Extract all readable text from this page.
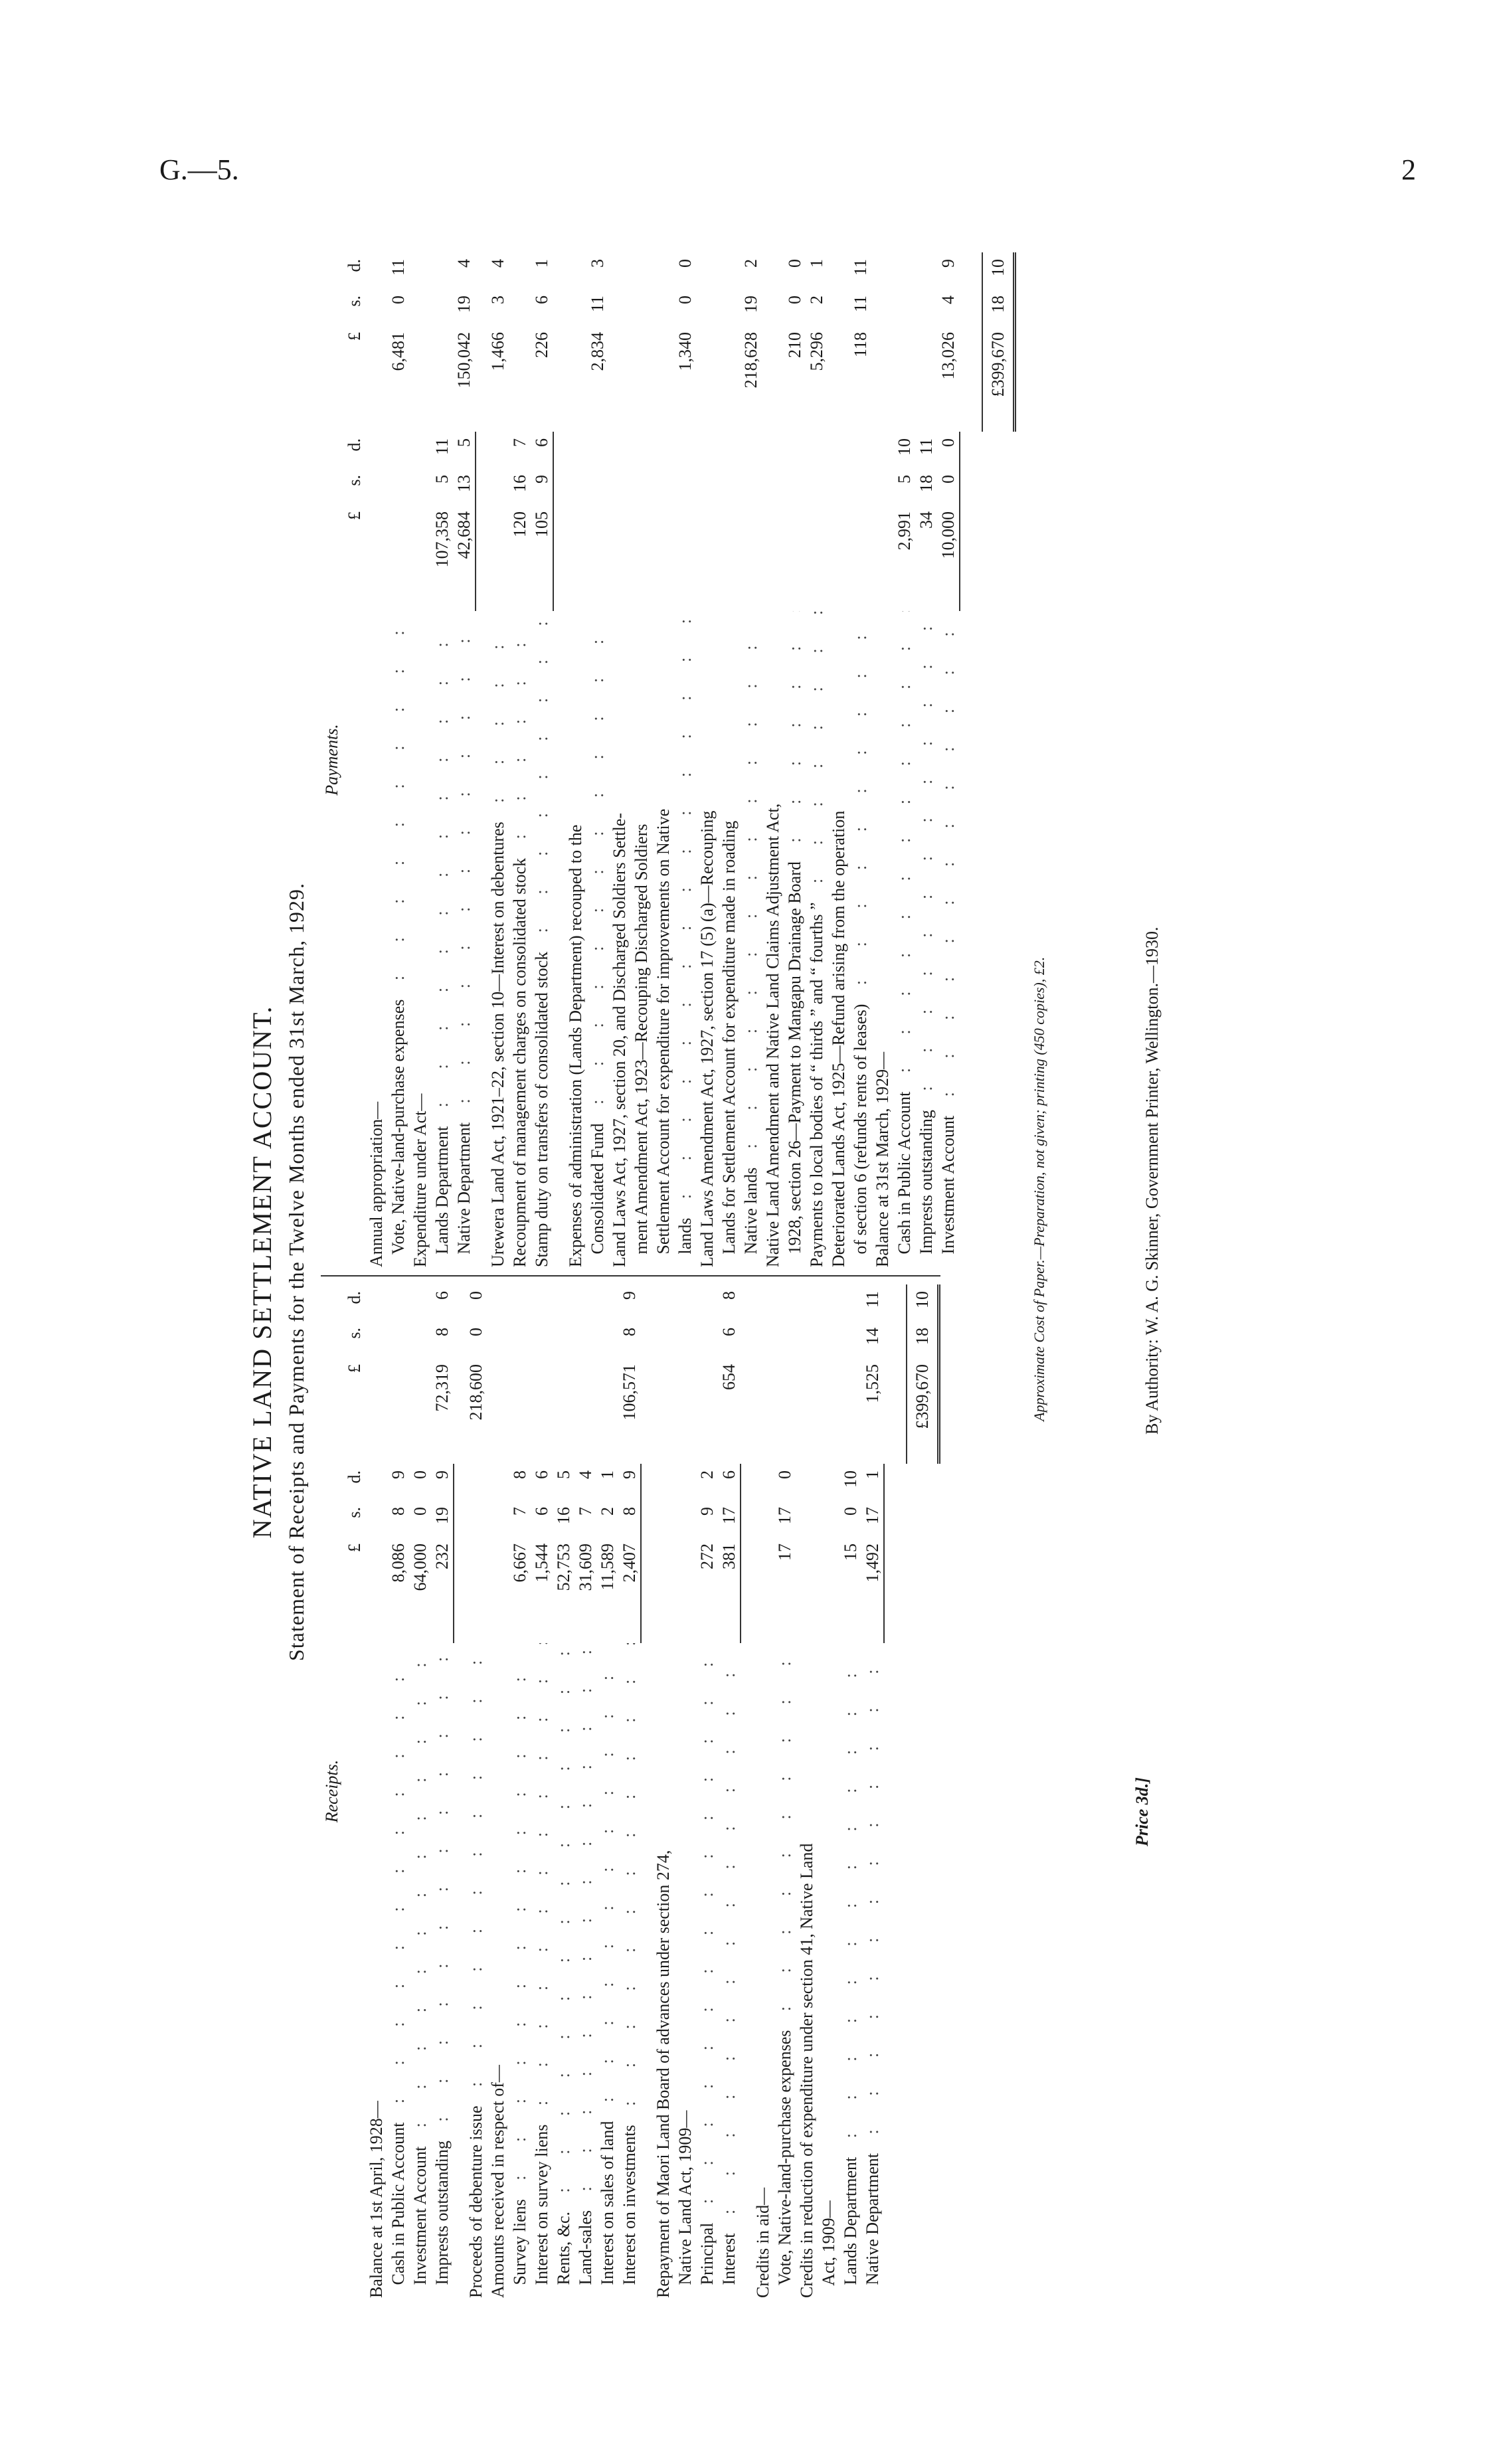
G.—5.	2
NATIVE LAND SETTLEMENT ACCOUNT. Statement of Receipts and Payments for the Twelve Months ended 31st March, 1929.
Receipts.
£
s.
d.
£
s.
d.
Balance at 1st April, 1928— Cash in Public Account : : : : : : : : : : : : : : : : : : : : : : : : : : : : : : : : : : : : : : : : : : : : : : : : : : : : : : : : : : : :
8,086
8
9
Investment Account : : : : : : : : : : : : : : : : : : : : : : : : : : : : : : : : : : : : : : : : : : : : : : : : : : : : : : : : : : : :
64,000
0
0
Imprests outstanding : : : : : : : : : : : : : : : : : : : : : : : : : : : : : : : : : : : : : : : : : : : : : : : : : : : : : : : : : : : :
232
19
9
72,319
8
6
Proceeds of debenture issue : : : : : : : : : : : : : : : : : : : : : : : : : : : : : : : : : : : : : : : : : : : : : : : : : : : : : : : : : : : :
218,600
0
0
Amounts received in respect of— Survey liens : : : : : : : : : : : : : : : : : : : : : : : : : : : : : : : : : : : : : : : : : : : : : : : : : : : : : : : : : : : :
6,667
7
8
Interest on survey liens : : : : : : : : : : : : : : : : : : : : : : : : : : : : : : : : : : : : : : : : : : : : : : : : : : : : : : : : : : : :
1,544
6
6
Rents, &c. : : : : : : : : : : : : : : : : : : : : : : : : : : : : : : : : : : : : : : : : : : : : : : : : : : : : : : : : : : : :
52,753
16
5
Land-sales : : : : : : : : : : : : : : : : : : : : : : : : : : : : : : : : : : : : : : : : : : : : : : : : : : : : : : : : : : : :
31,609
7
4
Interest on sales of land : : : : : : : : : : : : : : : : : : : : : : : : : : : : : : : : : : : : : : : : : : : : : : : : : : : : : : : : : : : :
11,589
2
1
Interest on investments : : : : : : : : : : : : : : : : : : : : : : : : : : : : : : : : : : : : : : : : : : : : : : : : : : : : : : : : : : : :
2,407
8
9
106,571
8
9
Repayment of Maori Land Board of advances under section 274, Native Land Act, 1909— Principal : : : : : : : : : : : : : : : : : : : : : : : : : : : : : : : : : : : : : : : : : : : : : : : : : : : : : : : : : : : :
272
9
2
Interest : : : : : : : : : : : : : : : : : : : : : : : : : : : : : : : : : : : : : : : : : : : : : : : : : : : : : : : : : : : :
381
17
6
654
6
8
Credits in aid— Vote, Native-land-purchase expenses : : : : : : : : : : : : : : : : : : : : : : : : : : : : : : : : : : : : : : : : : : : : : : : : : : : : : : : : : : : :
17
17
0
Credits in reduction of expenditure under section 41, Native Land Act, 1909— Lands Department : : : : : : : : : : : : : : : : : : : : : : : : : : : : : : : : : : : : : : : : : : : : : : : : : : : : : : : : : : : :
15
0
10
Native Department : : : : : : : : : : : : : : : : : : : : : : : : : : : : : : : : : : : : : : : : : : : : : : : : : : : : : : : : : : : :
1,492
17
1
1,525
14
11
£399,670
18
10
Payments.
£
s.
d.
£
s.
d.
Annual appropriation— Vote, Native-land-purchase expenses : : : : : : : : : : : : : : : : : : : : : : : : : : : : : : : : : : : : : : : : : : : : : : : : : : : : : : : : : : : :
6,481
0
11
Expenditure under Act— Lands Department : : : : : : : : : : : : : : : : : : : : : : : : : : : : : : : : : : : : : : : : : : : : : : : : : : : : : : : : : : : :
107,358
5
11
Native Department : : : : : : : : : : : : : : : : : : : : : : : : : : : : : : : : : : : : : : : : : : : : : : : : : : : : : : : : : : : :
42,684
13
5
150,042
19
4
Urewera Land Act, 1921–22, section 10—Interest on debentures : : : : : : : : : : : : : : : : : : : : : : : : : : : : : : : : : : : : : : : : : : : : : : : : : : : : : : : : : : : :
1,466
3
4
Recoupment of management charges on consolidated stock : : : : : : : : : : : : : : : : : : : : : : : : : : : : : : : : : : : : : : : : : : : : : : : : : : : : : : : : : : : :
120
16
7
Stamp duty on transfers of consolidated stock : : : : : : : : : : : : : : : : : : : : : : : : : : : : : : : : : : : : : : : : : : : : : : : : : : : : : : : : : : : :
105
9
6
226
6
1
Expenses of administration (Lands Department) recouped to the Consolidated Fund : : : : : : : : : : : : : : : : : : : : : : : : : : : : : : : : : : : : : : : : : : : : : : : : : : : : : : : : : : : :
2,834
11
3
Land Laws Act, 1927, section 20, and Discharged Soldiers Settle- ment Amendment Act, 1923—Recouping Discharged Soldiers Settlement Account for expenditure for improvements on Native lands : : : : : : : : : : : : : : : : : : : : : : : : : : : : : : : : : : : : : : : : : : : : : : : : : : : : : : : : : : : :
1,340
0
0
Land Laws Amendment Act, 1927, section 17 (5) (a)—Recouping Lands for Settlement Account for expenditure made in roading Native lands : : : : : : : : : : : : : : : : : : : : : : : : : : : : : : : : : : : : : : : : : : : : : : : : : : : : : : : : : : : :
218,628
19
2
Native Land Amendment and Native Land Claims Adjustment Act, 1928, section 26—Payment to Mangapu Drainage Board : : : : : : : : : : : : : : : : : : : : : : : : : : : : : : : : : : : : : : : : : : : : : : : : : : : : : : : : : : : :
210
0
0
Payments to local bodies of “ thirds ” and “ fourths ” : : : : : : : : : : : : : : : : : : : : : : : : : : : : : : : : : : : : : : : : : : : : : : : : : : : : : : : : : : : :
5,296
2
1
Deteriorated Lands Act, 1925—Refund arising from the operation of section 6 (refunds rents of leases) : : : : : : : : : : : : : : : : : : : : : : : : : : : : : : : : : : : : : : : : : : : : : : : : : : : : : : : : : : : :
118
11
11
Balance at 31st March, 1929— Cash in Public Account : : : : : : : : : : : : : : : : : : : : : : : : : : : : : : : : : : : : : : : : : : : : : : : : : : : : : : : : : : : :
2,991
5
10
Imprests outstanding : : : : : : : : : : : : : : : : : : : : : : : : : : : : : : : : : : : : : : : : : : : : : : : : : : : : : : : : : : : :
34
18
11
Investment Account : : : : : : : : : : : : : : : : : : : : : : : : : : : : : : : : : : : : : : : : : : : : : : : : : : : : : : : : : : : :
10,000
0
0
13,026
4
9
£399,670
18
10
Approximate Cost of Paper.—Preparation, not given; printing (450 copies), £2.	By Authority: W. A. G. Skinner, Government Printer, Wellington.—1930.
Price 3d.]
